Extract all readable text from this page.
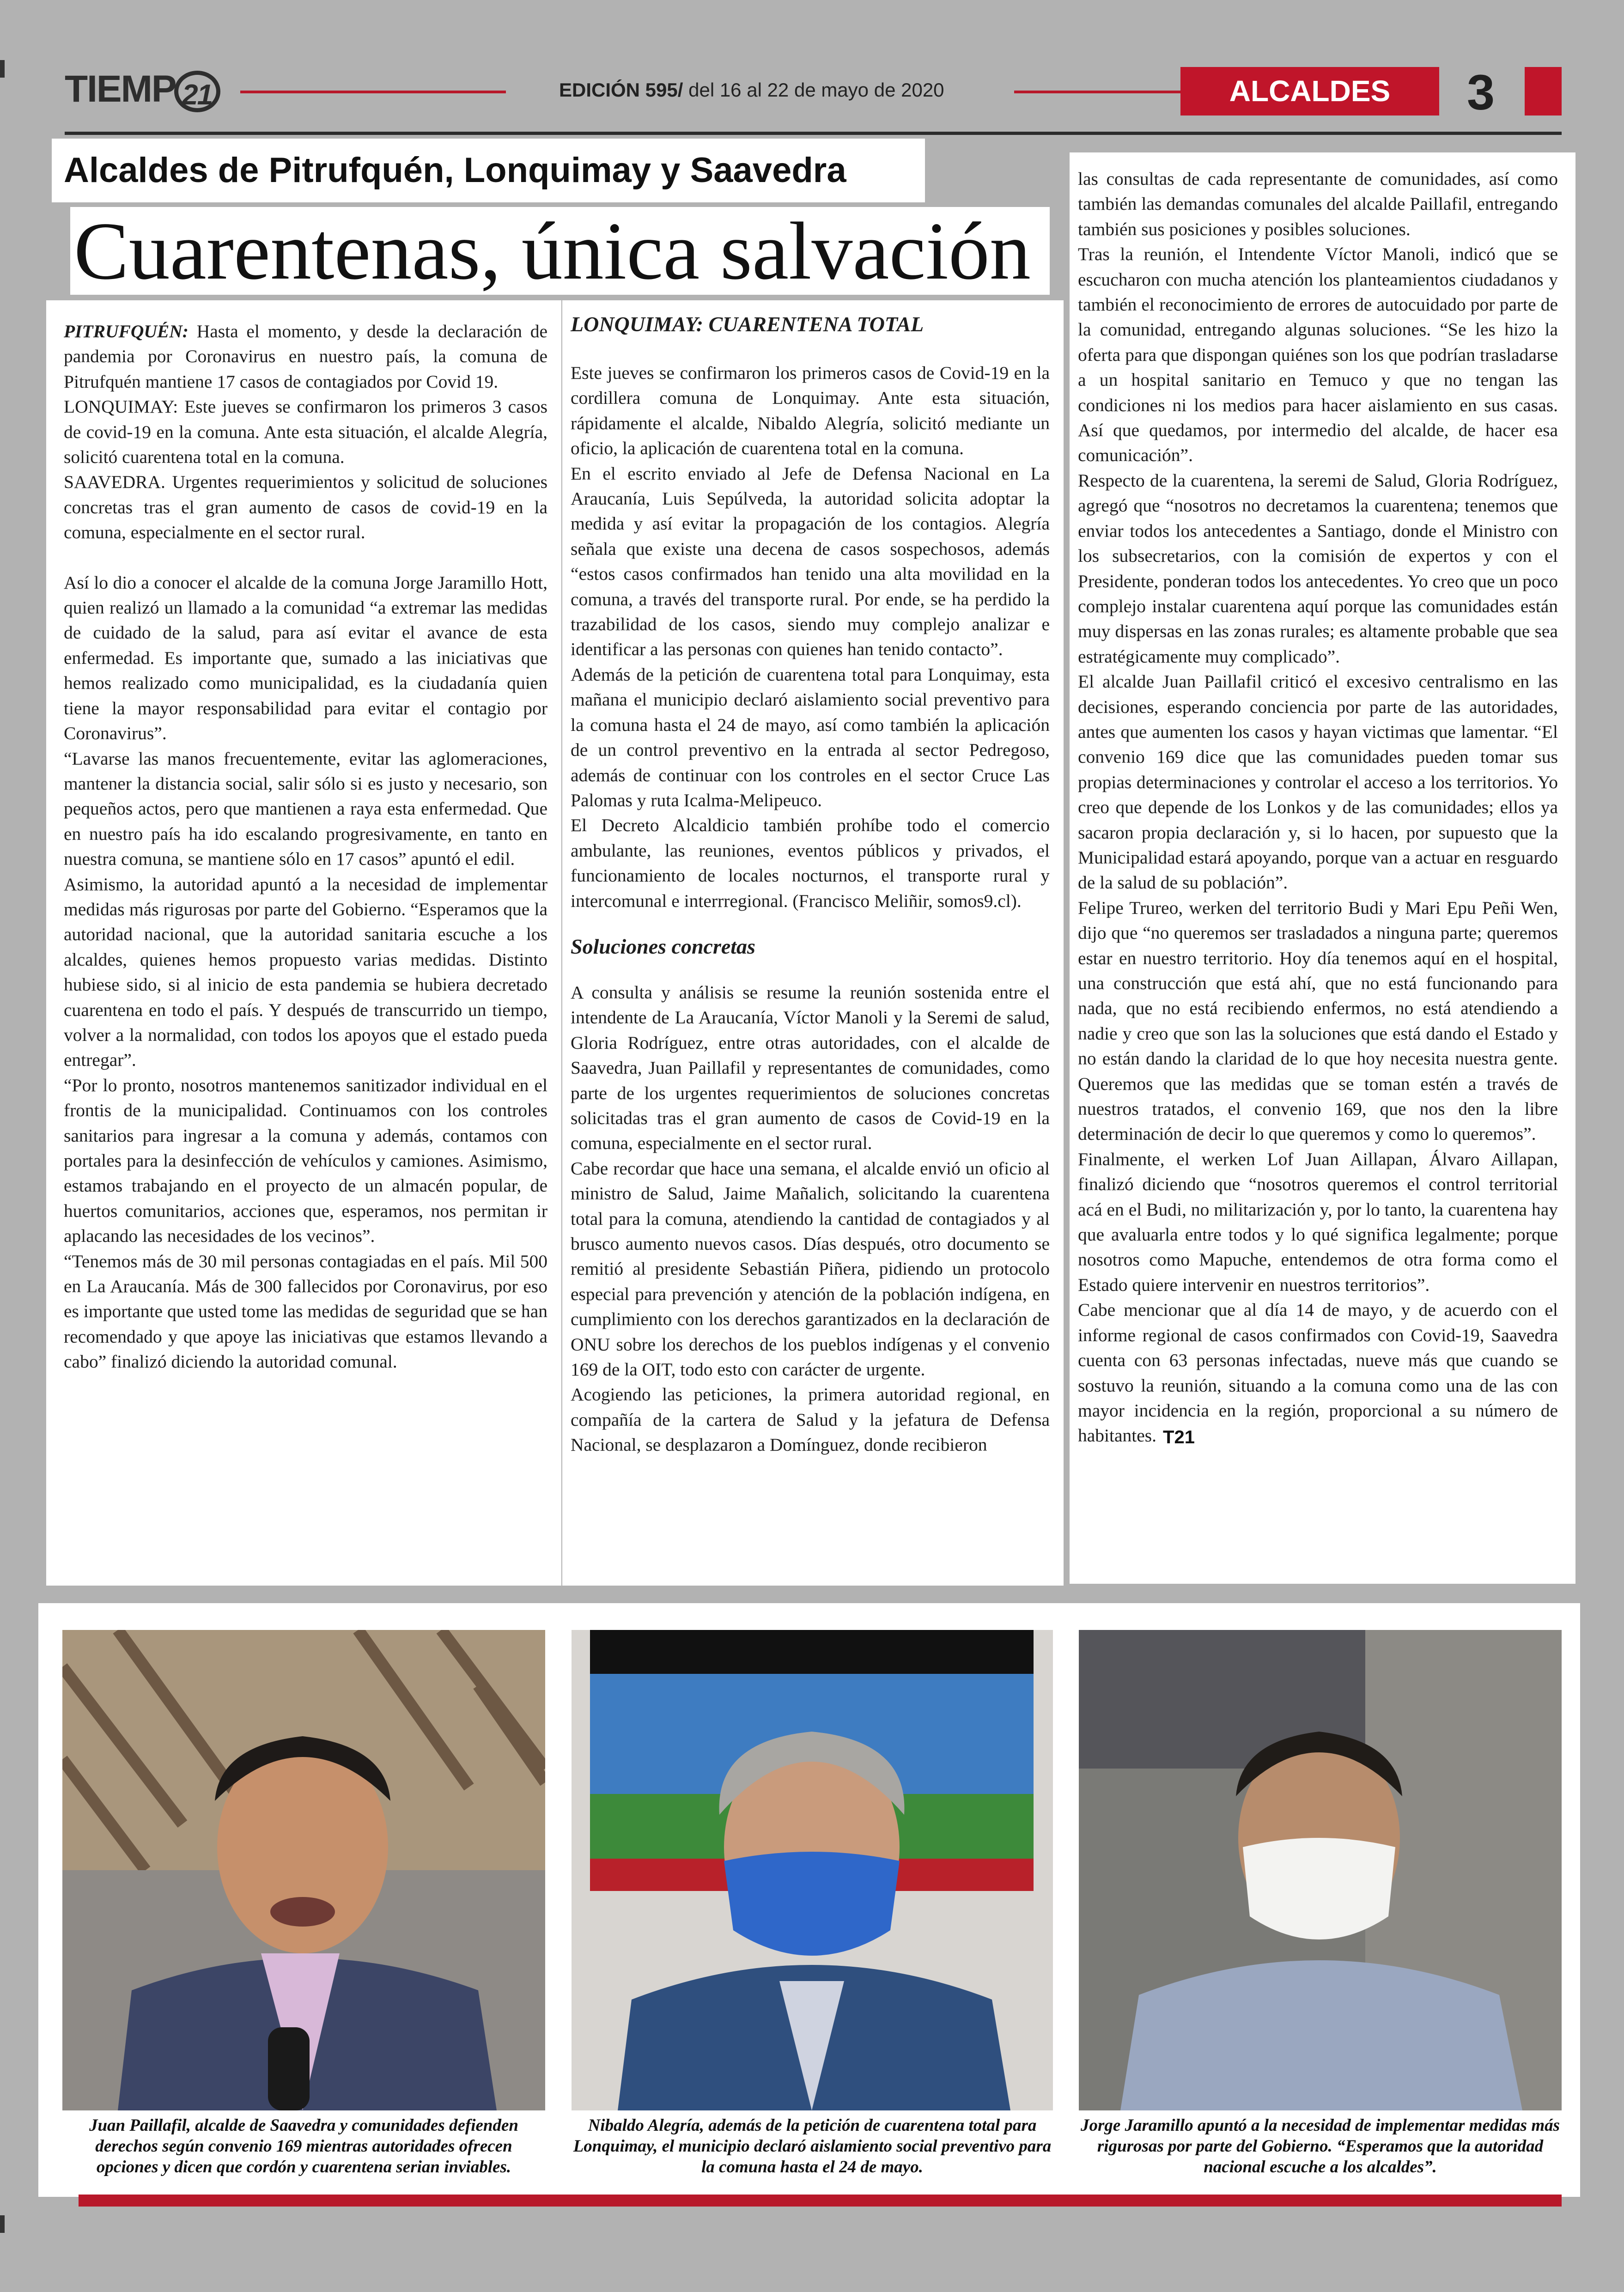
TIEMP 21	EDICIÓN 595/ del 16 al 22 de mayo de 2020	ALCALDES	3
Alcaldes de Pitrufquén, Lonquimay y Saavedra
Cuarentenas, única salvación

PITRUFQUÉN: Hasta el momento, y desde la declaración de pandemia por Coronavirus en nuestro país, la comuna de Pitrufquén mantiene 17 casos de contagiados por Covid 19.

LONQUIMAY: Este jueves se confirmaron los primeros 3 casos de covid-19 en la comuna. Ante esta situación, el alcalde Alegría, solicitó cuarentena total en la comuna.

SAAVEDRA. Urgentes requerimientos y solicitud de soluciones concretas tras el gran aumento de casos de covid-19 en la comuna, especialmente en el sector rural.

Así lo dio a conocer el alcalde de la comuna Jorge Jaramillo Hott, quien realizó un llamado a la comunidad “a extremar las medidas de cuidado de la salud, para así evitar el avance de esta enfermedad. Es importante que, sumado a las iniciativas que hemos realizado como municipalidad, es la ciudadanía quien tiene la mayor responsabilidad para evitar el contagio por Coronavirus”.

“Lavarse las manos frecuentemente, evitar las aglomeraciones, mantener la distancia social, salir sólo si es justo y necesario, son pequeños actos, pero que mantienen a raya esta enfermedad. Que en nuestro país ha ido escalando progresivamente, en tanto en nuestra comuna, se mantiene sólo en 17 casos” apuntó el edil.

Asimismo, la autoridad apuntó a la necesidad de implementar medidas más rigurosas por parte del Gobierno. “Esperamos que la autoridad nacional, que la autoridad sanitaria escuche a los alcaldes, quienes hemos propuesto varias medidas. Distinto hubiese sido, si al inicio de esta pandemia se hubiera decretado cuarentena en todo el país. Y después de transcurrido un tiempo, volver a la normalidad, con todos los apoyos que el estado pueda entregar”.

“Por lo pronto, nosotros mantenemos sanitizador individual en el frontis de la municipalidad. Continuamos con los controles sanitarios para ingresar a la comuna y además, contamos con portales para la desinfección de vehículos y camiones. Asimismo, estamos trabajando en el proyecto de un almacén popular, de huertos comunitarios, acciones que, esperamos, nos permitan ir aplacando las necesidades de los vecinos”.

“Tenemos más de 30 mil personas contagiadas en el país. Mil 500 en La Araucanía. Más de 300 fallecidos por Coronavirus, por eso es importante que usted tome las medidas de seguridad que se han recomendado y que apoye las iniciativas que estamos llevando a cabo” finalizó diciendo la autoridad comunal.

LONQUIMAY: CUARENTENA TOTAL

Este jueves se confirmaron los primeros casos de Covid-19 en la cordillera comuna de Lonquimay. Ante esta situación, rápidamente el alcalde, Nibaldo Alegría, solicitó mediante un oficio, la aplicación de cuarentena total en la comuna.

En el escrito enviado al Jefe de Defensa Nacional en La Araucanía, Luis Sepúlveda, la autoridad solicita adoptar la medida y así evitar la propagación de los contagios. Alegría señala que existe una decena de casos sospechosos, además “estos casos confirmados han tenido una alta movilidad en la comuna, a través del transporte rural. Por ende, se ha perdido la trazabilidad de los casos, siendo muy complejo analizar e identificar a las personas con quienes han tenido contacto”.

Además de la petición de cuarentena total para Lonquimay, esta mañana el municipio declaró aislamiento social preventivo para la comuna hasta el 24 de mayo, así como también la aplicación de un control preventivo en la entrada al sector Pedregoso, además de continuar con los controles en el sector Cruce Las Palomas y ruta Icalma-Melipeuco.

El Decreto Alcaldicio también prohíbe todo el comercio ambulante, las reuniones, eventos públicos y privados, el funcionamiento de locales nocturnos, el transporte rural y intercomunal e interrregional. (Francisco Meliñir, somos9.cl).

Soluciones concretas

A consulta y análisis se resume la reunión sostenida entre el intendente de La Araucanía, Víctor Manoli y la Seremi de salud, Gloria Rodríguez, entre otras autoridades, con el alcalde de Saavedra, Juan Paillafil y representantes de comunidades, como parte de los urgentes requerimientos de soluciones concretas solicitadas tras el gran aumento de casos de Covid-19 en la comuna, especialmente en el sector rural.

Cabe recordar que hace una semana, el alcalde envió un oficio al ministro de Salud, Jaime Mañalich, solicitando la cuarentena total para la comuna, atendiendo la cantidad de contagiados y al brusco aumento nuevos casos. Días después, otro documento se remitió al presidente Sebastián Piñera, pidiendo un protocolo especial para prevención y atención de la población indígena, en cumplimiento con los derechos garantizados en la declaración de ONU sobre los derechos de los pueblos indígenas y el convenio 169 de la OIT, todo esto con carácter de urgente.

Acogiendo las peticiones, la primera autoridad regional, en compañía de la cartera de Salud y la jefatura de Defensa Nacional, se desplazaron a Domínguez, donde recibieron

las consultas de cada representante de comunidades, así como también las demandas comunales del alcalde Paillafil, entregando también sus posiciones y posibles soluciones.

Tras la reunión, el Intendente Víctor Manoli, indicó que se escucharon con mucha atención los planteamientos ciudadanos y también el reconocimiento de errores de autocuidado por parte de la comunidad, entregando algunas soluciones. “Se les hizo la oferta para que dispongan quiénes son los que podrían trasladarse a un hospital sanitario en Temuco y que no tengan las condiciones ni los medios para hacer aislamiento en sus casas. Así que quedamos, por intermedio del alcalde, de hacer esa comunicación”.

Respecto de la cuarentena, la seremi de Salud, Gloria Rodríguez, agregó que “nosotros no decretamos la cuarentena; tenemos que enviar todos los antecedentes a Santiago, donde el Ministro con los subsecretarios, con la comisión de expertos y con el Presidente, ponderan todos los antecedentes. Yo creo que un poco complejo instalar cuarentena aquí porque las comunidades están muy dispersas en las zonas rurales; es altamente probable que sea estratégicamente muy complicado”.

El alcalde Juan Paillafil criticó el excesivo centralismo en las decisiones, esperando conciencia por parte de las autoridades, antes que aumenten los casos y hayan victimas que lamentar. “El convenio 169 dice que las comunidades pueden tomar sus propias determinaciones y controlar el acceso a los territorios. Yo creo que depende de los Lonkos y de las comunidades; ellos ya sacaron propia declaración y, si lo hacen, por supuesto que la Municipalidad estará apoyando, porque van a actuar en resguardo de la salud de su población”.

Felipe Trureo, werken del territorio Budi y Mari Epu Peñi Wen, dijo que “no queremos ser trasladados a ninguna parte; queremos estar en nuestro territorio. Hoy día tenemos aquí en el hospital, una construcción que está ahí, que no está funcionando para nada, que no está recibiendo enfermos, no está atendiendo a nadie y creo que son las la soluciones que está dando el Estado y no están dando la claridad de lo que hoy necesita nuestra gente. Queremos que las medidas que se toman estén a través de nuestros tratados, el convenio 169, que nos den la libre determinación de decir lo que queremos y como lo queremos”.

Finalmente, el werken Lof Juan Aillapan, Álvaro Aillapan, finalizó diciendo que “nosotros queremos el control territorial acá en el Budi, no militarización y, por lo tanto, la cuarentena hay que avaluarla entre todos y lo qué significa legalmente; porque nosotros como Mapuche, entendemos de otra forma como el Estado quiere intervenir en nuestros territorios”.

Cabe mencionar que al día 14 de mayo, y de acuerdo con el informe regional de casos confirmados con Covid-19, Saavedra cuenta con 63 personas infectadas, nueve más que cuando se sostuvo la reunión, situando a la comuna como una de las con mayor incidencia en la región, proporcional a su número de habitantes. T21

Juan Paillafil, alcalde de Saavedra y comunidades defienden derechos según convenio 169 mientras autoridades ofrecen opciones y dicen que cordón y cuarentena serian inviables.
Nibaldo Alegría, además de la petición de cuarentena total para Lonquimay, el municipio declaró aislamiento social preventivo para la comuna hasta el 24 de mayo.
Jorge Jaramillo apuntó a la necesidad de implementar medidas más rigurosas por parte del Gobierno. “Esperamos que la autoridad nacional escuche a los alcaldes”.
